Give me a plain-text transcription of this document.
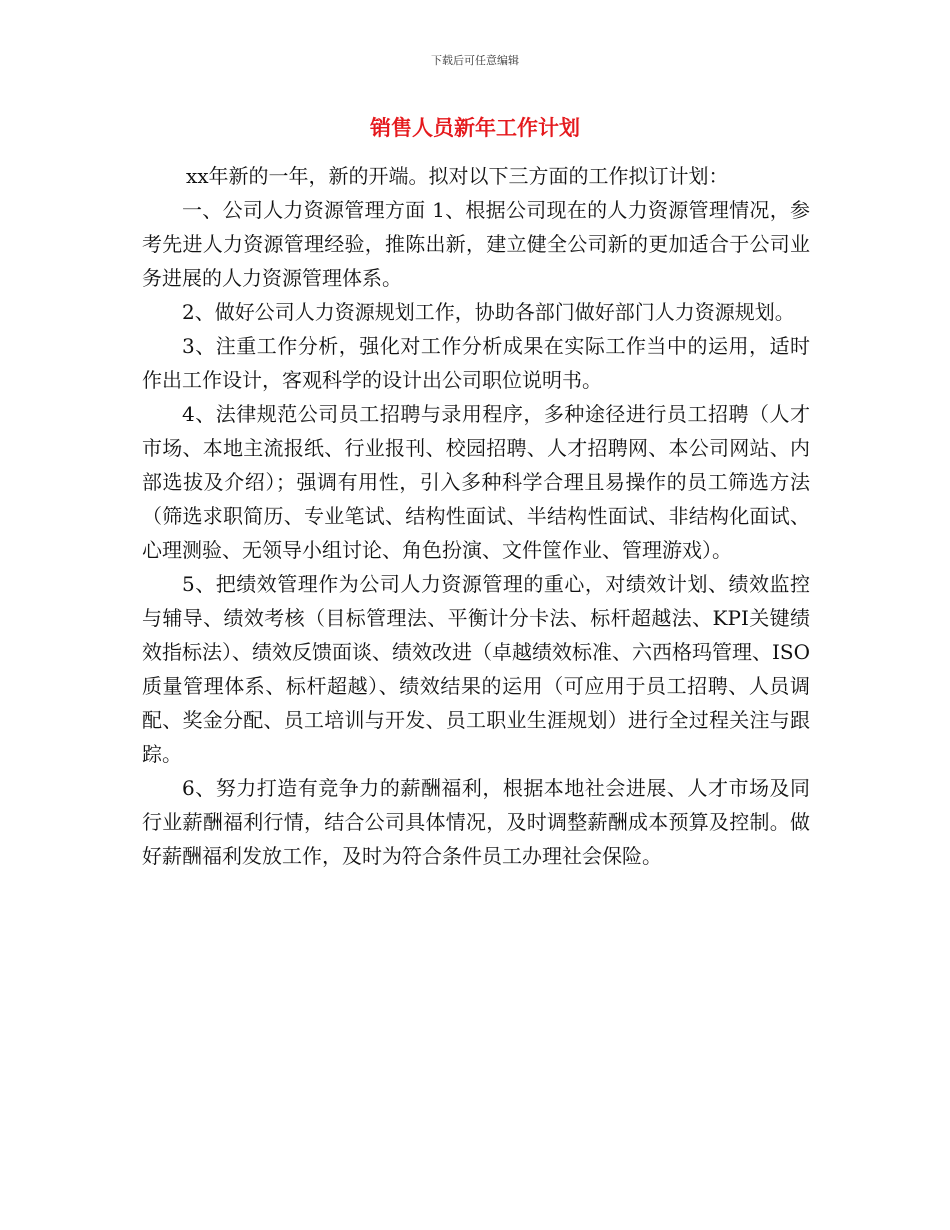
下载后可任意编辑
销售人员新年工作计划

xx年新的一年，新的开端。拟对以下三方面的工作拟订计划：

一、公司人力资源管理方面 1、根据公司现在的人力资源管理情况，参考先进人力资源管理经验，推陈出新，建立健全公司新的更加适合于公司业务进展的人力资源管理体系。

2、做好公司人力资源规划工作，协助各部门做好部门人力资源规划。

3、注重工作分析，强化对工作分析成果在实际工作当中的运用，适时作出工作设计，客观科学的设计出公司职位说明书。

4、法律规范公司员工招聘与录用程序，多种途径进行员工招聘（人才市场、本地主流报纸、行业报刊、校园招聘、人才招聘网、本公司网站、内部选拔及介绍）；强调有用性，引入多种科学合理且易操作的员工筛选方法（筛选求职简历、专业笔试、结构性面试、半结构性面试、非结构化面试、心理测验、无领导小组讨论、角色扮演、文件筐作业、管理游戏）。

5、把绩效管理作为公司人力资源管理的重心，对绩效计划、绩效监控与辅导、绩效考核（目标管理法、平衡计分卡法、标杆超越法、KPI关键绩效指标法）、绩效反馈面谈、绩效改进（卓越绩效标准、六西格玛管理、ISO质量管理体系、标杆超越）、绩效结果的运用（可应用于员工招聘、人员调配、奖金分配、员工培训与开发、员工职业生涯规划）进行全过程关注与跟踪。

6、努力打造有竞争力的薪酬福利，根据本地社会进展、人才市场及同行业薪酬福利行情，结合公司具体情况，及时调整薪酬成本预算及控制。做好薪酬福利发放工作，及时为符合条件员工办理社会保险。
